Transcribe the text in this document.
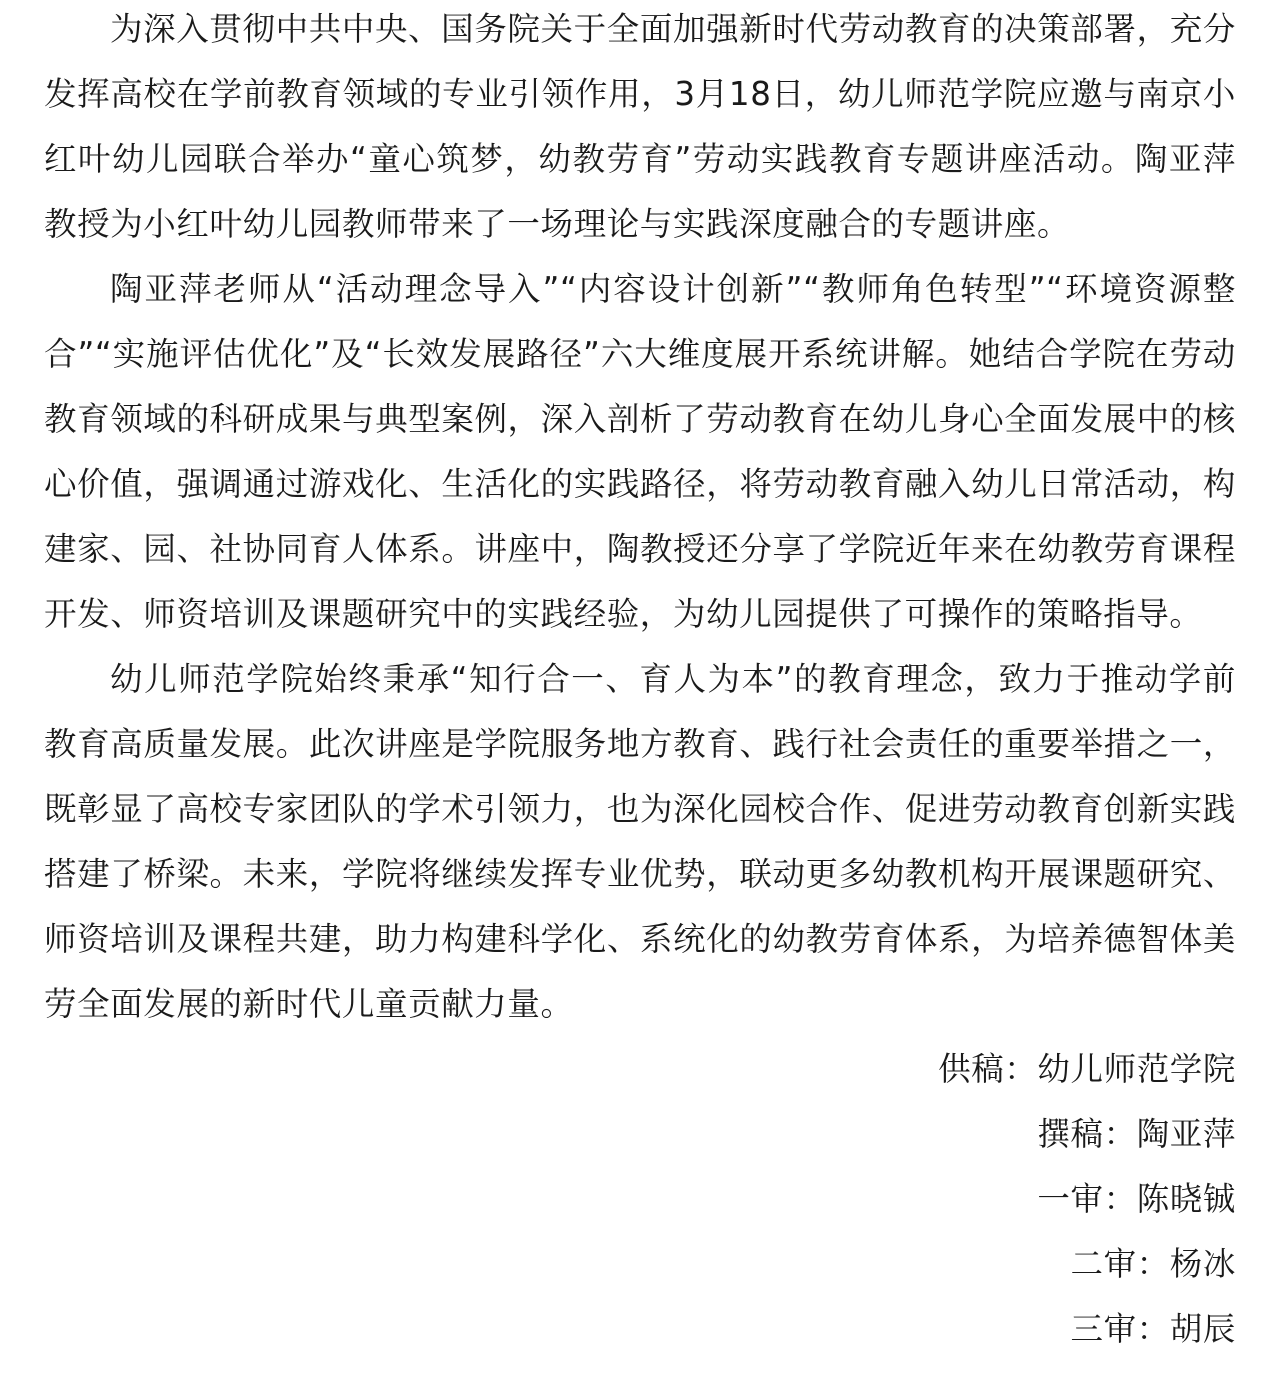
为深入贯彻中共中央、国务院关于全面加强新时代劳动教育的决策部署，充分发挥高校在学前教育领域的专业引领作用，3月18日，幼儿师范学院应邀与南京小红叶幼儿园联合举办“童心筑梦，幼教劳育”劳动实践教育专题讲座活动。陶亚萍教授为小红叶幼儿园教师带来了一场理论与实践深度融合的专题讲座。

陶亚萍老师从“活动理念导入”“内容设计创新”“教师角色转型”“环境资源整合”“实施评估优化”及“长效发展路径”六大维度展开系统讲解。她结合学院在劳动教育领域的科研成果与典型案例，深入剖析了劳动教育在幼儿身心全面发展中的核心价值，强调通过游戏化、生活化的实践路径，将劳动教育融入幼儿日常活动，构建家、园、社协同育人体系。讲座中，陶教授还分享了学院近年来在幼教劳育课程开发、师资培训及课题研究中的实践经验，为幼儿园提供了可操作的策略指导。

幼儿师范学院始终秉承“知行合一、育人为本”的教育理念，致力于推动学前教育高质量发展。此次讲座是学院服务地方教育、践行社会责任的重要举措之一，既彰显了高校专家团队的学术引领力，也为深化园校合作、促进劳动教育创新实践搭建了桥梁。未来，学院将继续发挥专业优势，联动更多幼教机构开展课题研究、师资培训及课程共建，助力构建科学化、系统化的幼教劳育体系，为培养德智体美劳全面发展的新时代儿童贡献力量。

供稿：幼儿师范学院
撰稿：陶亚萍
一审：陈晓铖
二审：杨冰
三审：胡辰
